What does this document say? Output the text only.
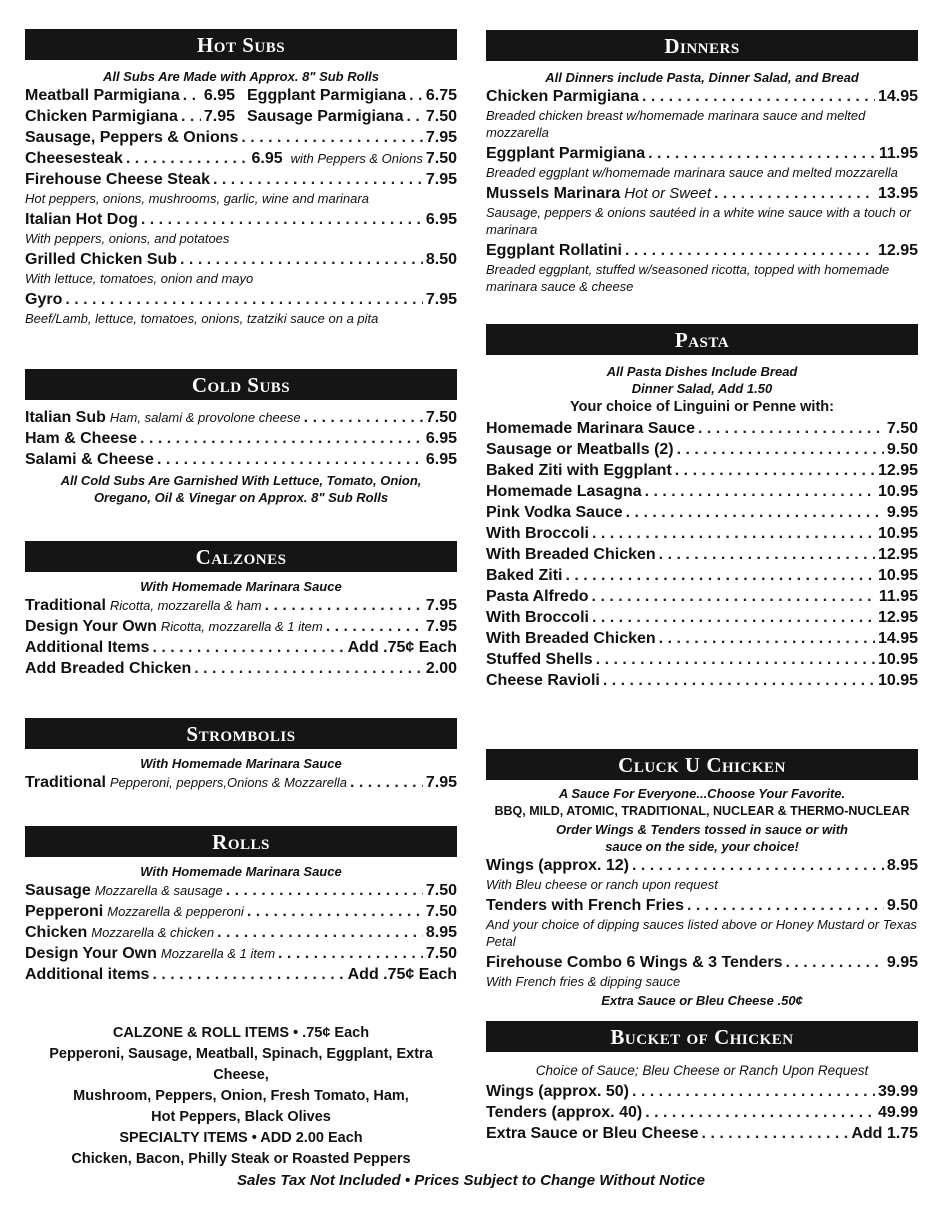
Hot Subs
All Subs Are Made with Approx. 8" Sub Rolls
Meatball Parmigiana . . . 6.95 Eggplant Parmigiana . . . 6.75
Chicken Parmigiana . . . 7.95 Sausage Parmigiana . . . 7.50
Sausage, Peppers & Onions . . .	7.95
Cheesesteak . . .	6.95 with Peppers & Onions 7.50
Firehouse Cheese Steak . . .	7.95
Hot peppers, onions, mushrooms, garlic, wine and marinara
Italian Hot Dog . . .	6.95
With peppers, onions, and potatoes
Grilled Chicken Sub . . .	8.50
With lettuce, tomatoes, onion and mayo
Gyro . . .	7.95
Beef/Lamb, lettuce, tomatoes, onions, tzatziki sauce on a pita
Cold Subs
Italian Sub Ham, salami & provolone cheese . . .	7.50
Ham & Cheese . . .	6.95
Salami & Cheese . . .	6.95
All Cold Subs Are Garnished With Lettuce, Tomato, Onion, Oregano, Oil & Vinegar on Approx. 8" Sub Rolls
Calzones
With Homemade Marinara Sauce
Traditional Ricotta, mozzarella & ham . . .	7.95
Design Your Own Ricotta, mozzarella & 1 item . . .	7.95
Additional Items . . .	Add .75¢ Each
Add Breaded Chicken . . .	2.00
Strombolis
With Homemade Marinara Sauce
Traditional Pepperoni, peppers,Onions & Mozzarella . . .	7.95
Rolls
With Homemade Marinara Sauce
Sausage Mozzarella & sausage . . .	7.50
Pepperoni Mozzarella & pepperoni . . .	7.50
Chicken Mozzarella & chicken . . .	8.95
Design Your Own Mozzarella & 1 item . . .	7.50
Additional items . . .	Add .75¢ Each
CALZONE & ROLL ITEMS • .75¢ Each
Pepperoni, Sausage, Meatball, Spinach, Eggplant, Extra Cheese,
Mushroom, Peppers, Onion, Fresh Tomato, Ham,
Hot Peppers, Black Olives
SPECIALTY ITEMS • ADD 2.00 Each
Chicken, Bacon, Philly Steak or Roasted Peppers
Dinners
All Dinners include Pasta, Dinner Salad, and Bread
Chicken Parmigiana . . .	14.95
Breaded chicken breast w/homemade marinara sauce and melted mozzarella
Eggplant Parmigiana . . .	11.95
Breaded eggplant w/homemade marinara sauce and melted mozzarella
Mussels Marinara Hot or Sweet . . .	13.95
Sausage, peppers & onions sautéed in a white wine sauce with a touch or marinara
Eggplant Rollatini . . .	12.95
Breaded eggplant, stuffed w/seasoned ricotta, topped with homemade marinara sauce & cheese
Pasta
All Pasta Dishes Include Bread
Dinner Salad, Add 1.50
Your choice of Linguini or Penne with:
Homemade Marinara Sauce . . .	7.50
Sausage or Meatballs (2) . . .	9.50
Baked Ziti with Eggplant . . .	12.95
Homemade Lasagna . . .	10.95
Pink Vodka Sauce . . .	9.95
With Broccoli . . .	10.95
With Breaded Chicken . . .	12.95
Baked Ziti . . .	10.95
Pasta Alfredo . . .	11.95
With Broccoli . . .	12.95
With Breaded Chicken . . .	14.95
Stuffed Shells . . .	10.95
Cheese Ravioli . . .	10.95
Cluck U Chicken
A Sauce For Everyone...Choose Your Favorite.
BBQ, MILD, ATOMIC, TRADITIONAL, NUCLEAR & THERMO-NUCLEAR
Order Wings & Tenders tossed in sauce or with
sauce on the side, your choice!
Wings (approx. 12) . . .	8.95
With Bleu cheese or ranch upon request
Tenders with French Fries . . .	9.50
And your choice of dipping sauces listed above or Honey Mustard or Texas Petal
Firehouse Combo 6 Wings & 3 Tenders . . .	9.95
With French fries & dipping sauce
Extra Sauce or Bleu Cheese .50¢
Bucket of Chicken
Choice of Sauce; Bleu Cheese or Ranch Upon Request
Wings (approx. 50) . . .	39.99
Tenders (approx. 40) . . .	49.99
Extra Sauce or Bleu Cheese . . .	Add 1.75
Sales Tax Not Included • Prices Subject to Change Without Notice
